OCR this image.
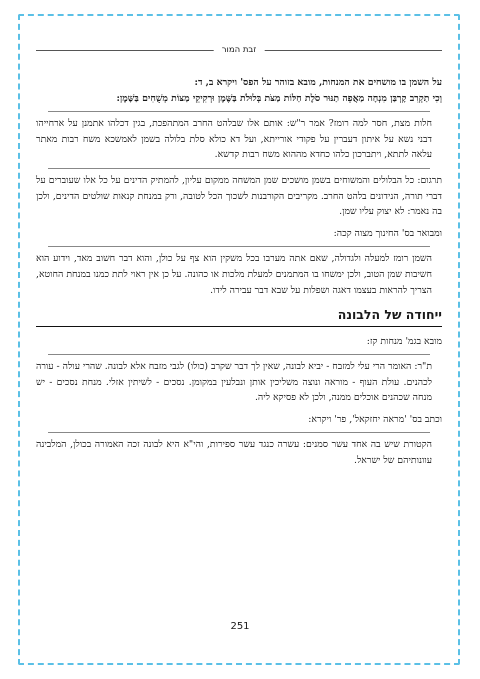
זבת המור
על השמן בו מושחים את המנחות, מובא בזוהר על הפס' ויקרא ב, ד:
וְכִי תַקְרִב קָרְבַּן מִנְחָה מַאֲפֵה תַנּוּר סֹלֶת חַלּוֹת מַצֹּת בְּלוּלֹת בַּשֶּׁמֶן וּרְקִיקֵי מַצּוֹת מְשֻׁחִים בַּשָּׁמֶן:
חלות מצת, חסר למה רומז? אמר ר"ש: אותם אלו שבלהט החרב המתהפכת, בגין דכלהו אתמנן על ארחייהו דבני נשא על איתון דעברין על פקודי אורייתא, ועל דא כולא סלת בלולה בשמן לאמשכא משח רבות מאתר עלאה לתתא, ויתברכון כלהו כחדא מההוא משח רבות קדשא.
תרגום: כל הבלולים והמשוחים בשמן מושכים שמן המשחה ממקום עליון, להמתיק הדינים על כל אלו שעוברים על דברי תורה, הנידונים בלהט החרב. מקריבים הקורבנות לשכוך הכל לטובה, ורק במנחת קנאות שולטים הדינים, ולכן בה נאמר: לא יצוק עליו שמן.
ומבואר בס' החינוך מצוה קכה:
השמן רומז למעלה ולגדולה, שאם אתה מערבו בכל משקין הוא צף על כולן, והוא דבר חשוב מאד, וידוע הוא חשיבות שמן הטוב, ולכן ימשחו בו המתמנים למעלת מלכות או כהונה. על כן אין ראוי לתת כמנו במנחת החוטא, הצריך להראות בעצמו דאגה ושפלות על שבא דבר עבירה לידו.
ייחודה של הלבונה
מובא בגמ' מנחות קז:
ת"ר: האומר הרי עלי למזבח - יביא לבונה, שאין לך דבר שקרב (כולו) לגבי מזבח אלא לבונה. שהרי עולה - עורה לכהנים. עולת העוף - מוראה ונוצה משליכין אותן ונבלעין במקומן. נסכים - לשיתין אזלי. מנחת נסכים - יש מנחה שכהנים אוכלים ממנה, ולכן לא פסיקא ליה.
וכתב בס' 'מראה יחזקאל', פר' ויקרא:
הקטורת שיש בה אחד עשר סמנים: עשרה כנגד עשר ספירות, והי"א היא לבונה זכה האמורה בכולן, המלבינה עוונותיהם של ישראל.
251
